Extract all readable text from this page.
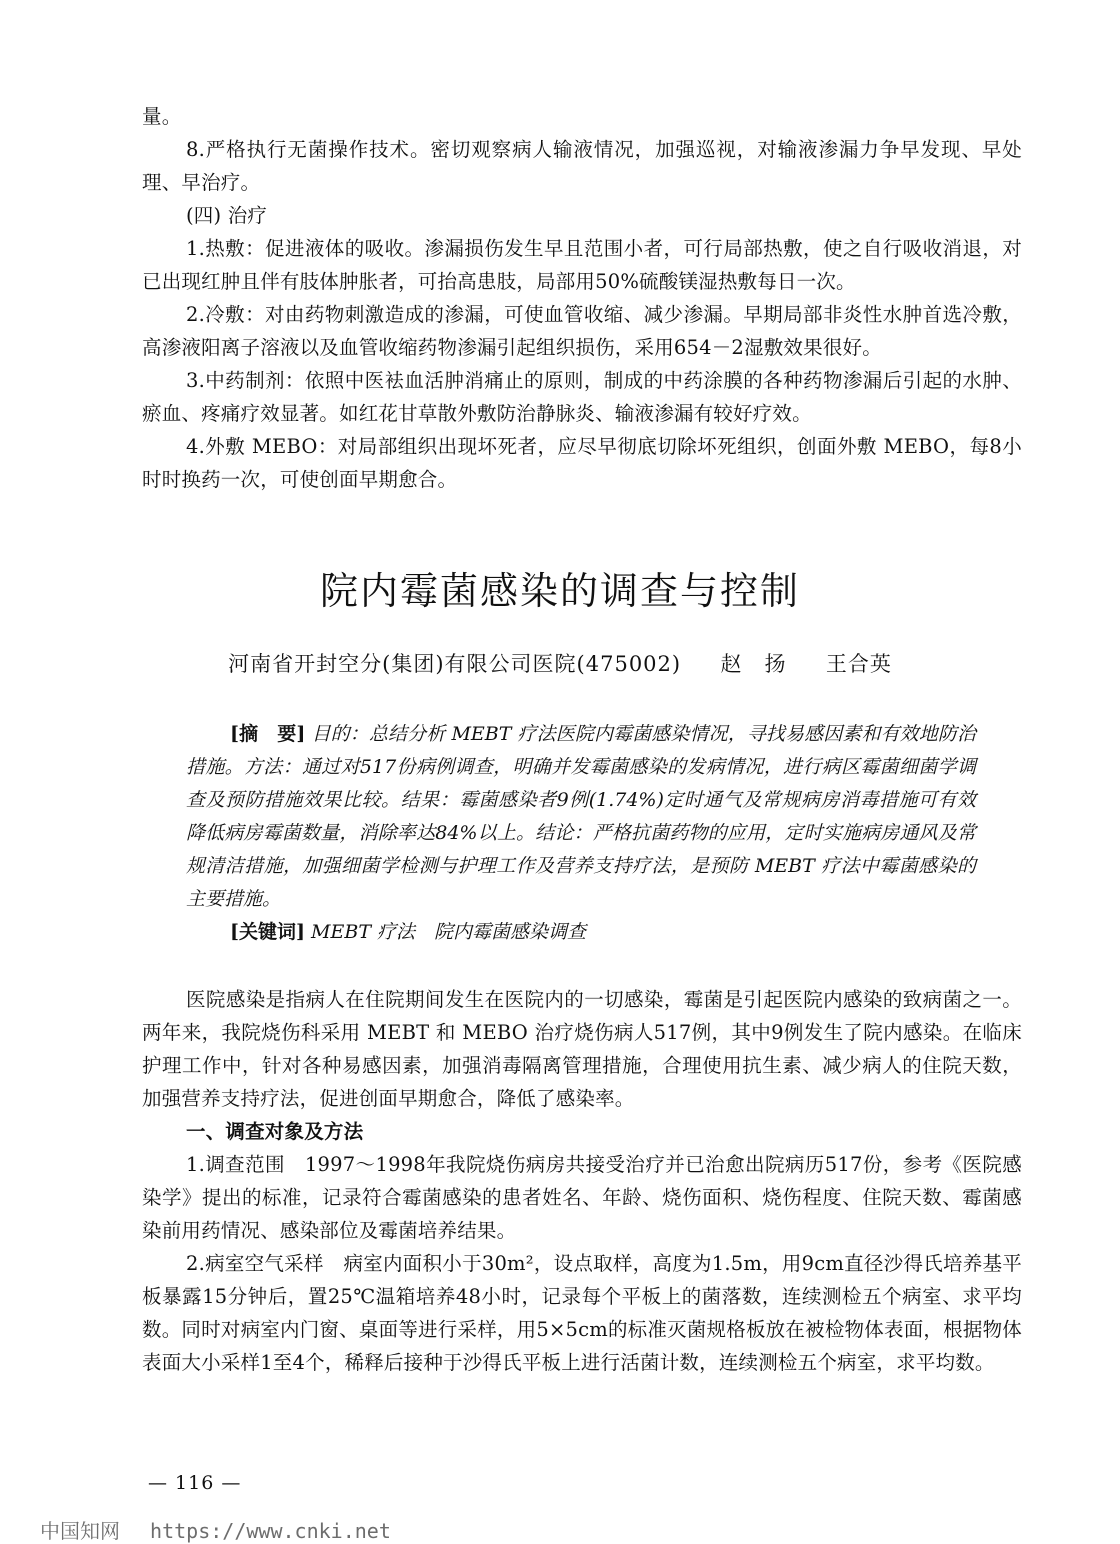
量。

8.严格执行无菌操作技术。密切观察病人输液情况，加强巡视，对输液渗漏力争早发现、早处理、早治疗。

(四) 治疗

1.热敷：促进液体的吸收。渗漏损伤发生早且范围小者，可行局部热敷，使之自行吸收消退，对已出现红肿且伴有肢体肿胀者，可抬高患肢，局部用50%硫酸镁湿热敷每日一次。

2.冷敷：对由药物刺激造成的渗漏，可使血管收缩、减少渗漏。早期局部非炎性水肿首选冷敷，高渗液阳离子溶液以及血管收缩药物渗漏引起组织损伤，采用654－2湿敷效果很好。

3.中药制剂：依照中医袪血活肿消痛止的原则，制成的中药涂膜的各种药物渗漏后引起的水肿、瘀血、疼痛疗效显著。如红花甘草散外敷防治静脉炎、输液渗漏有较好疗效。

4.外敷 MEBO：对局部组织出现坏死者，应尽早彻底切除坏死组织，创面外敷 MEBO，每8小时时换药一次，可使创面早期愈合。

院内霉菌感染的调查与控制

河南省开封空分(集团)有限公司医院(475002) 赵　扬 王合英

[摘　要] 目的：总结分析 MEBT 疗法医院内霉菌感染情况，寻找易感因素和有效地防治措施。方法：通过对517份病例调查，明确并发霉菌感染的发病情况，进行病区霉菌细菌学调查及预防措施效果比较。结果：霉菌感染者9例(1.74%)定时通气及常规病房消毒措施可有效降低病房霉菌数量，消除率达84%以上。结论：严格抗菌药物的应用，定时实施病房通风及常规清洁措施，加强细菌学检测与护理工作及营养支持疗法，是预防 MEBT 疗法中霉菌感染的主要措施。

[关键词] MEBT 疗法　院内霉菌感染调查

医院感染是指病人在住院期间发生在医院内的一切感染，霉菌是引起医院内感染的致病菌之一。两年来，我院烧伤科采用 MEBT 和 MEBO 治疗烧伤病人517例，其中9例发生了院内感染。在临床护理工作中，针对各种易感因素，加强消毒隔离管理措施，合理使用抗生素、减少病人的住院天数，加强营养支持疗法，促进创面早期愈合，降低了感染率。

一、调查对象及方法

1.调查范围　1997～1998年我院烧伤病房共接受治疗并已治愈出院病历517份，参考《医院感染学》提出的标准，记录符合霉菌感染的患者姓名、年龄、烧伤面积、烧伤程度、住院天数、霉菌感染前用药情况、感染部位及霉菌培养结果。

2.病室空气采样　病室内面积小于30m²，设点取样，高度为1.5m，用9cm直径沙得氏培养基平板暴露15分钟后，置25℃温箱培养48小时，记录每个平板上的菌落数，连续测检五个病室、求平均数。同时对病室内门窗、桌面等进行采样，用5×5cm的标准灭菌规格板放在被检物体表面，根据物体表面大小采样1至4个，稀释后接种于沙得氏平板上进行活菌计数，连续测检五个病室，求平均数。

— 116 —
中国知网 https://www.cnki.net
